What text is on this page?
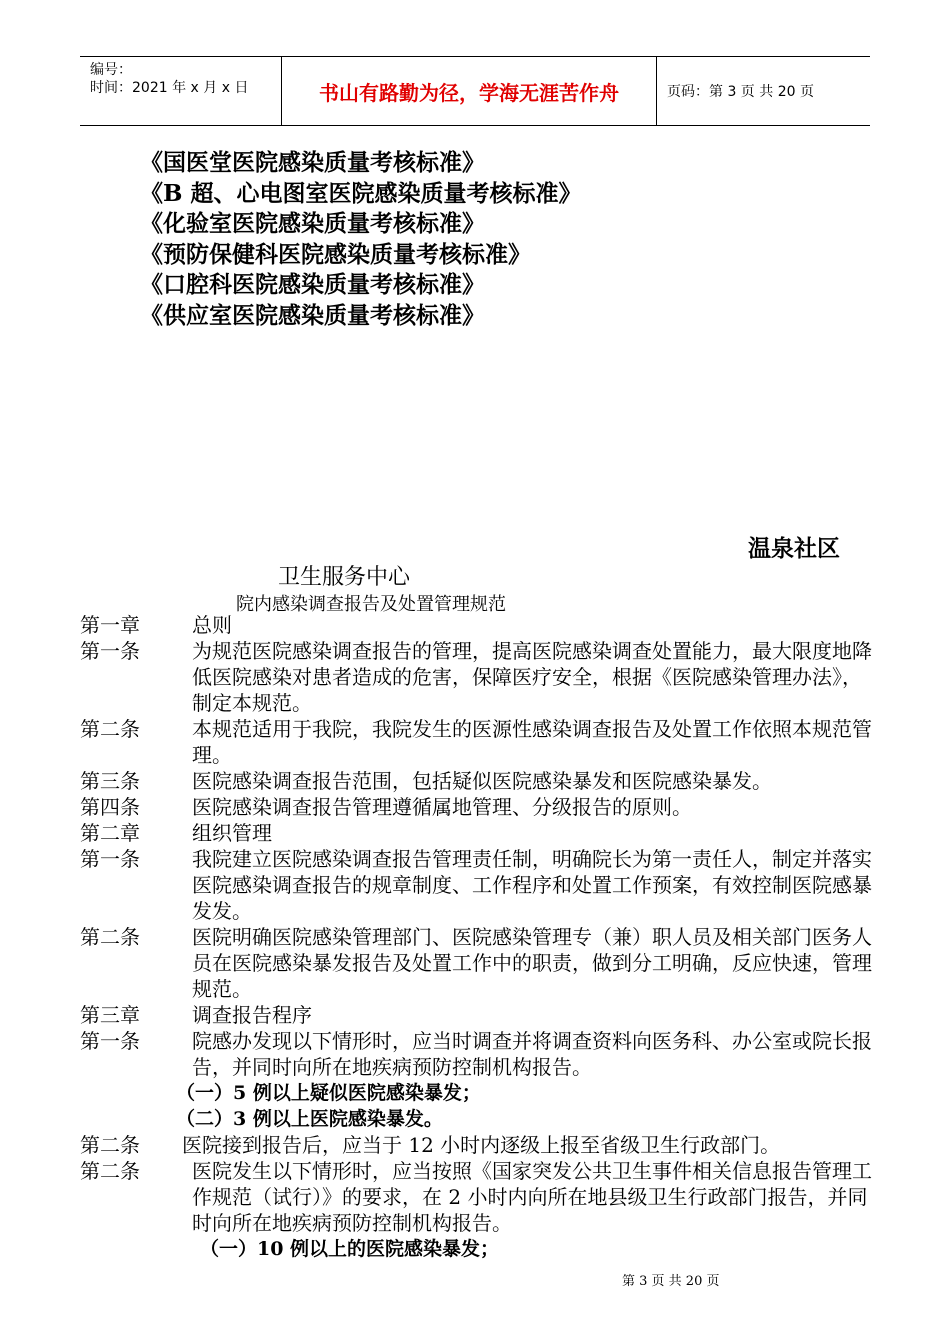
编号：
时间：2021 年 x 月 x 日	书山有路勤为径，学海无涯苦作舟	页码：第 3 页 共 20 页
《国医堂医院感染质量考核标准》
《B 超、心电图室医院感染质量考核标准》
《化验室医院感染质量考核标准》
《预防保健科医院感染质量考核标准》
《口腔科医院感染质量考核标准》
《供应室医院感染质量考核标准》
温泉社区
卫生服务中心
院内感染调查报告及处置管理规范
第一章	总则
第一条	为规范医院感染调查报告的管理，提高医院感染调查处置能力，最大限度地降低医院感染对患者造成的危害，保障医疗安全，根据《医院感染管理办法》，制定本规范。
第二条	本规范适用于我院，我院发生的医源性感染调查报告及处置工作依照本规范管理。
第三条	医院感染调查报告范围，包括疑似医院感染暴发和医院感染暴发。
第四条	医院感染调查报告管理遵循属地管理、分级报告的原则。
第二章	组织管理
第一条	我院建立医院感染调查报告管理责任制，明确院长为第一责任人，制定并落实医院感染调查报告的规章制度、工作程序和处置工作预案，有效控制医院感暴发发。
第二条	医院明确医院感染管理部门、医院感染管理专（兼）职人员及相关部门医务人员在医院感染暴发报告及处置工作中的职责，做到分工明确，反应快速，管理规范。
第三章	调查报告程序
第一条	院感办发现以下情形时，应当时调查并将调查资料向医务科、办公室或院长报告，并同时向所在地疾病预防控制机构报告。
（一）5 例以上疑似医院感染暴发；
（二）3 例以上医院感染暴发。
第二条	医院接到报告后，应当于 12 小时内逐级上报至省级卫生行政部门。
第二条	医院发生以下情形时，应当按照《国家突发公共卫生事件相关信息报告管理工作规范（试行）》的要求，在 2 小时内向所在地县级卫生行政部门报告，并同时向所在地疾病预防控制机构报告。
（一）10 例以上的医院感染暴发；
第 3 页 共 20 页
